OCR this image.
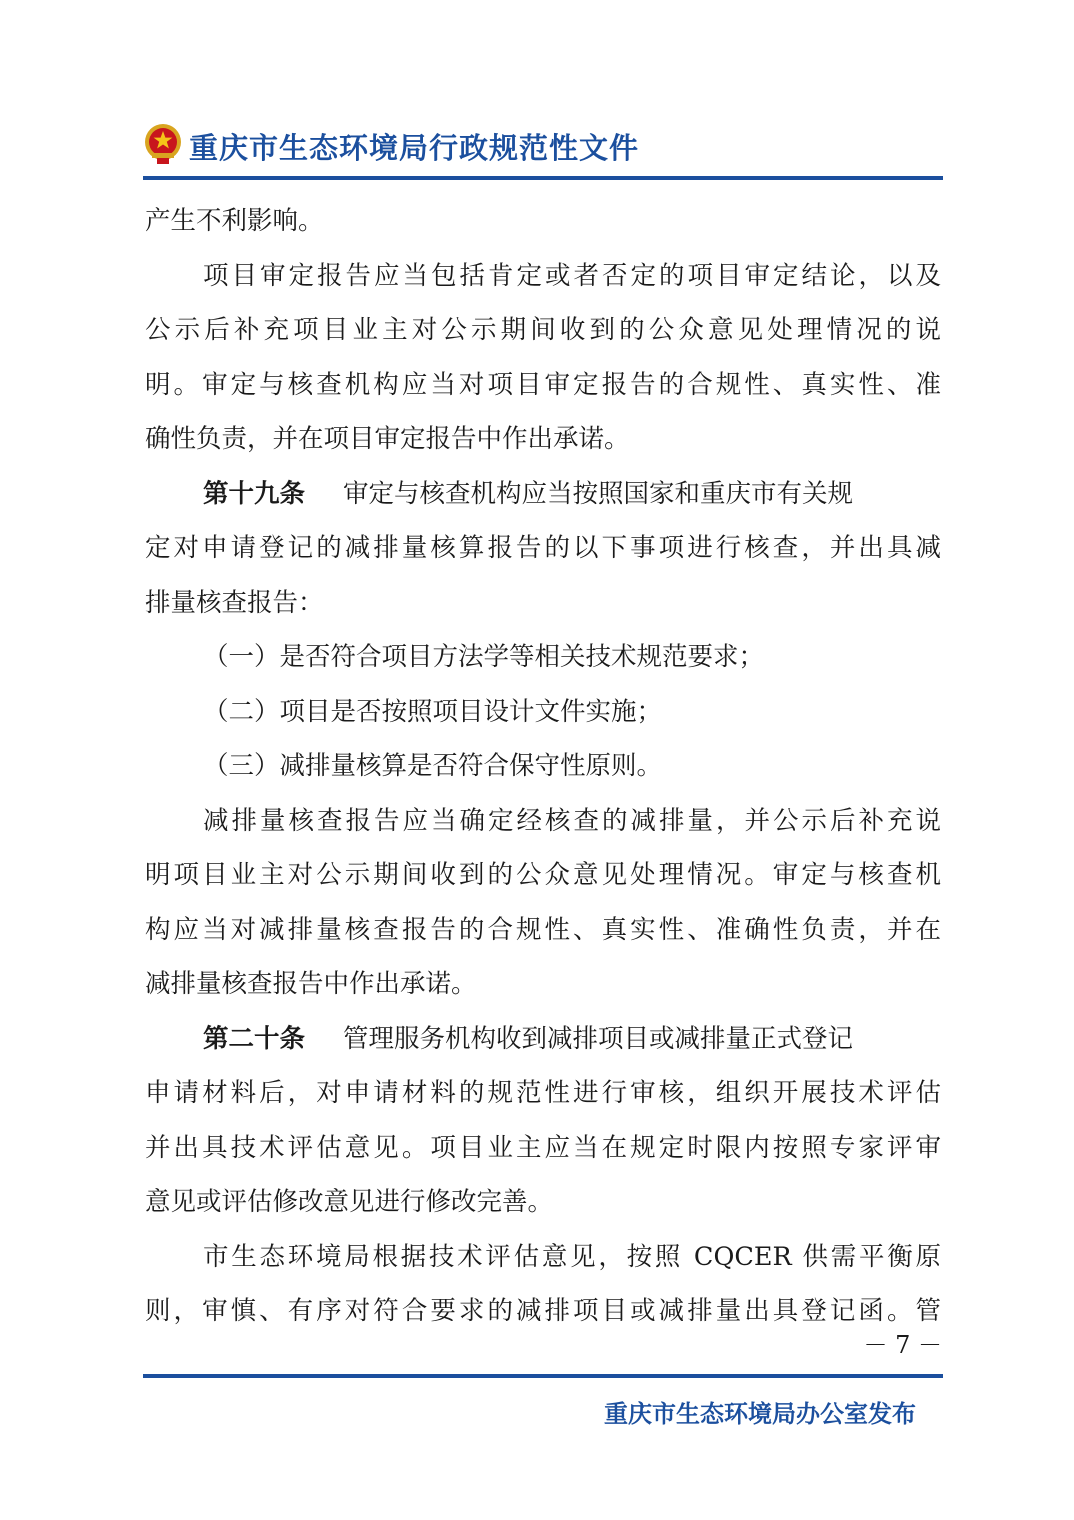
重庆市生态环境局行政规范性文件
产生不利影响。
项目审定报告应当包括肯定或者否定的项目审定结论，以及
公示后补充项目业主对公示期间收到的公众意见处理情况的说
明。审定与核查机构应当对项目审定报告的合规性、真实性、准
确性负责，并在项目审定报告中作出承诺。
第十九条 审定与核查机构应当按照国家和重庆市有关规
定对申请登记的减排量核算报告的以下事项进行核查，并出具减
排量核查报告：
（一）是否符合项目方法学等相关技术规范要求；
（二）项目是否按照项目设计文件实施；
（三）减排量核算是否符合保守性原则。
减排量核查报告应当确定经核查的减排量，并公示后补充说
明项目业主对公示期间收到的公众意见处理情况。审定与核查机
构应当对减排量核查报告的合规性、真实性、准确性负责，并在
减排量核查报告中作出承诺。
第二十条 管理服务机构收到减排项目或减排量正式登记
申请材料后，对申请材料的规范性进行审核，组织开展技术评估
并出具技术评估意见。项目业主应当在规定时限内按照专家评审
意见或评估修改意见进行修改完善。
市生态环境局根据技术评估意见，按照 CQCER 供需平衡原
则，审慎、有序对符合要求的减排项目或减排量出具登记函。管
－ 7 －
重庆市生态环境局办公室发布
